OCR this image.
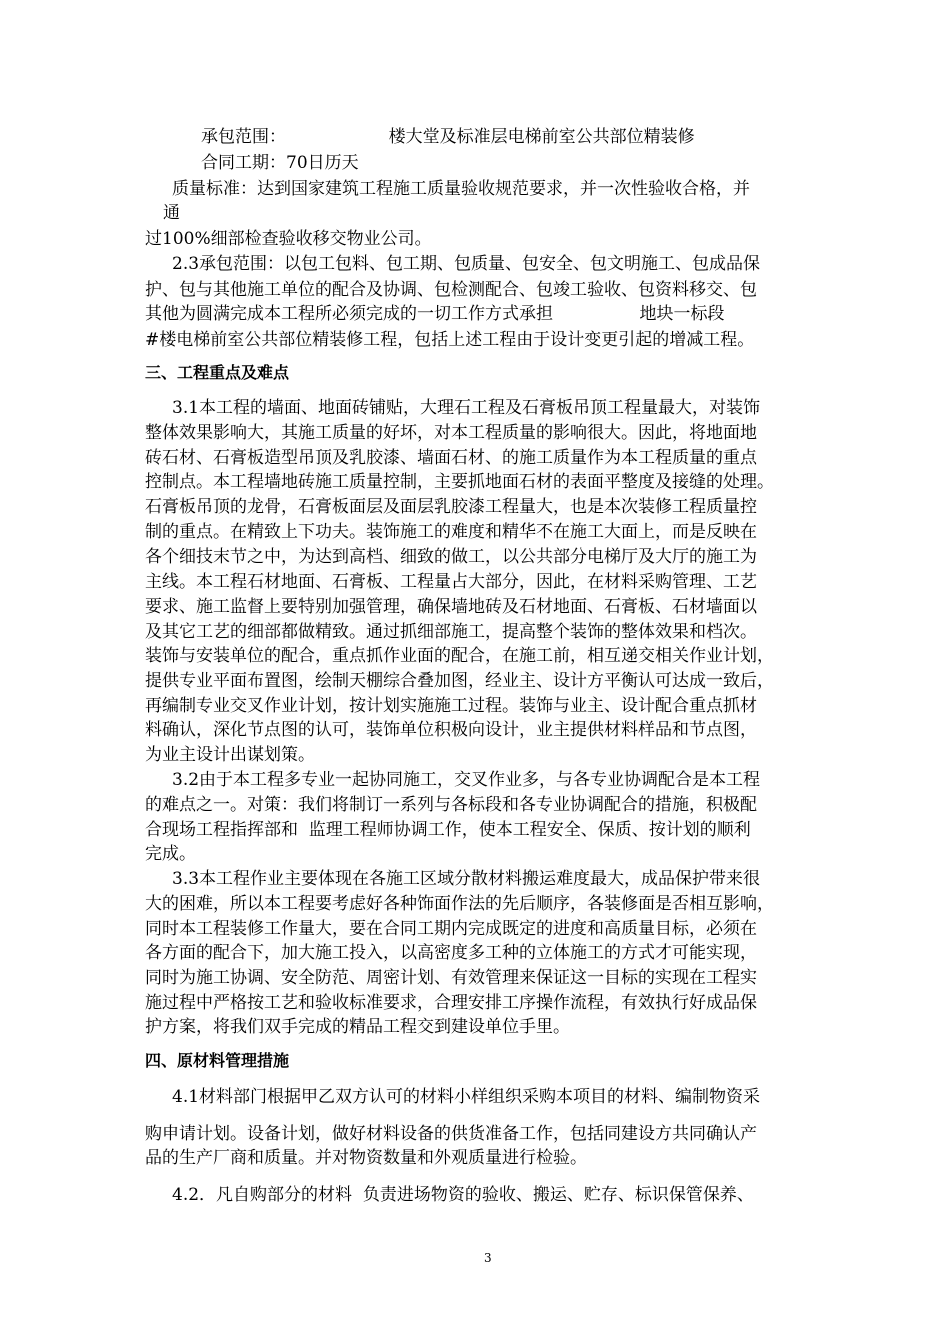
承包范围：                   楼大堂及标准层电梯前室公共部位精装修
合同工期：70日历天
质量标准：达到国家建筑工程施工质量验收规范要求，并一次性验收合格，并
通
过100%细部检查验收移交物业公司。
2.3承包范围：以包工包料、包工期、包质量、包安全、包文明施工、包成品保
护、包与其他施工单位的配合及协调、包检测配合、包竣工验收、包资料移交、包
其他为圆满完成本工程所必须完成的一切工作方式承担                地块一标段
#楼电梯前室公共部位精装修工程，包括上述工程由于设计变更引起的增减工程。
三、工程重点及难点
3.1本工程的墙面、地面砖铺贴，大理石工程及石膏板吊顶工程量最大，对装饰
整体效果影响大，其施工质量的好坏，对本工程质量的影响很大。因此，将地面地
砖石材、石膏板造型吊顶及乳胶漆、墙面石材、的施工质量作为本工程质量的重点
控制点。本工程墙地砖施工质量控制，主要抓地面石材的表面平整度及接缝的处理。
石膏板吊顶的龙骨，石膏板面层及面层乳胶漆工程量大，也是本次装修工程质量控
制的重点。在精致上下功夫。装饰施工的难度和精华不在施工大面上，而是反映在
各个细技末节之中，为达到高档、细致的做工，以公共部分电梯厅及大厅的施工为
主线。本工程石材地面、石膏板、工程量占大部分，因此，在材料采购管理、工艺
要求、施工监督上要特别加强管理，确保墙地砖及石材地面、石膏板、石材墙面以
及其它工艺的细部都做精致。通过抓细部施工，提高整个装饰的整体效果和档次。
装饰与安装单位的配合，重点抓作业面的配合，在施工前，相互递交相关作业计划，
提供专业平面布置图，绘制天棚综合叠加图，经业主、设计方平衡认可达成一致后，
再编制专业交叉作业计划，按计划实施施工过程。装饰与业主、设计配合重点抓材
料确认，深化节点图的认可，装饰单位积极向设计，业主提供材料样品和节点图，
为业主设计出谋划策。
3.2由于本工程多专业一起协同施工，交叉作业多，与各专业协调配合是本工程
的难点之一。对策：我们将制订一系列与各标段和各专业协调配合的措施，积极配
合现场工程指挥部和  监理工程师协调工作，使本工程安全、保质、按计划的顺利
完成。
3.3本工程作业主要体现在各施工区域分散材料搬运难度最大，成品保护带来很
大的困难，所以本工程要考虑好各种饰面作法的先后顺序，各装修面是否相互影响，
同时本工程装修工作量大，要在合同工期内完成既定的进度和高质量目标，必须在
各方面的配合下，加大施工投入，以高密度多工种的立体施工的方式才可能实现，
同时为施工协调、安全防范、周密计划、有效管理来保证这一目标的实现在工程实
施过程中严格按工艺和验收标准要求，合理安排工序操作流程，有效执行好成品保
护方案，将我们双手完成的精品工程交到建设单位手里。
四、原材料管理措施
4.1材料部门根据甲乙双方认可的材料小样组织采购本项目的材料、编制物资采
购申请计划。设备计划，做好材料设备的供货准备工作，包括同建设方共同确认产
品的生产厂商和质量。并对物资数量和外观质量进行检验。
4.2．凡自购部分的材料  负责进场物资的验收、搬运、贮存、标识保管保养、
3
